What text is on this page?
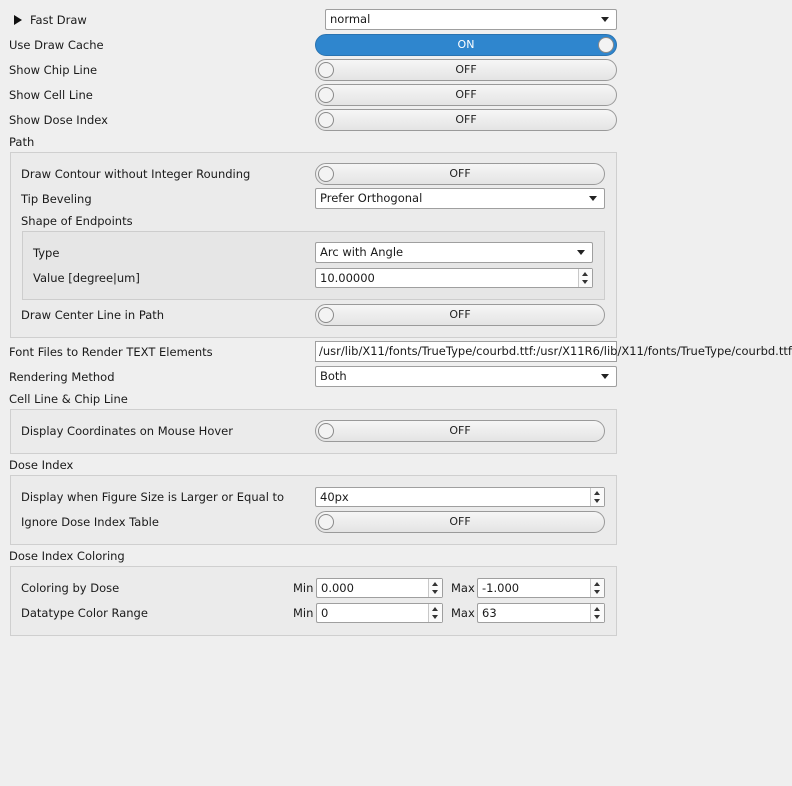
Fast Draw	normal
Use Draw Cache	ON
Show Chip Line	OFF
Show Cell Line	OFF
Show Dose Index	OFF
Path
Draw Contour without Integer Rounding	OFF
Tip Beveling	Prefer Orthogonal
Shape of Endpoints
Type	Arc with Angle
Value [degree|um]	10.00000
Draw Center Line in Path	OFF
Font Files to Render TEXT Elements	/usr/lib/X11/fonts/TrueType/courbd.ttf:/usr/X11R6/lib/X11/fonts/TrueType/courbd.ttf
Rendering Method	Both
Cell Line & Chip Line
Display Coordinates on Mouse Hover	OFF
Dose Index
Display when Figure Size is Larger or Equal to	40px
Ignore Dose Index Table	OFF
Dose Index Coloring
Coloring by Dose	Min 0.000	Max -1.000
Datatype Color Range	Min 0	Max 63
